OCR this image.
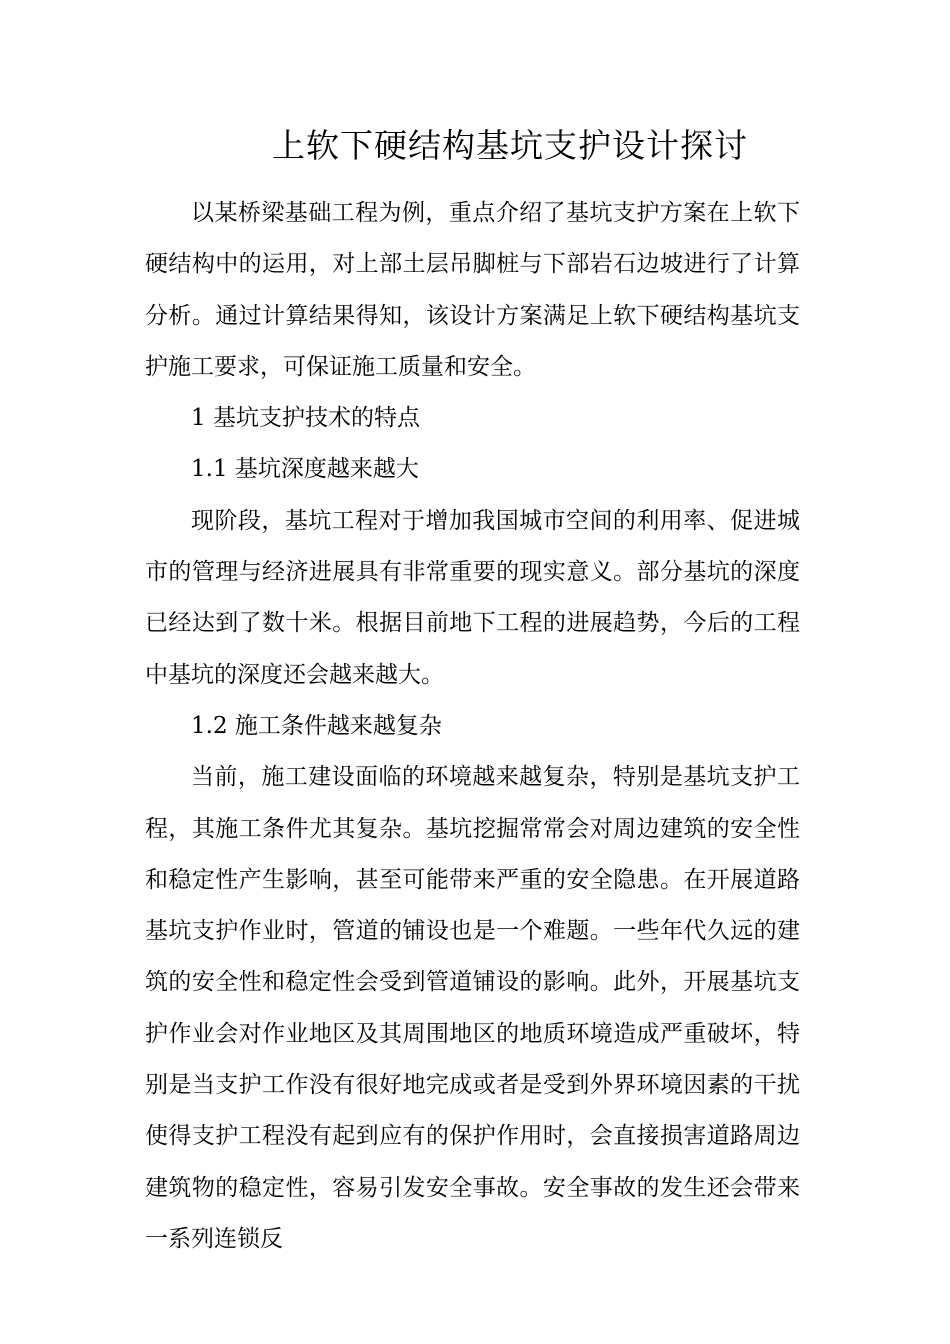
上软下硬结构基坑支护设计探讨

以某桥梁基础工程为例，重点介绍了基坑支护方案在上软下硬结构中的运用，对上部土层吊脚桩与下部岩石边坡进行了计算分析。通过计算结果得知，该设计方案满足上软下硬结构基坑支护施工要求，可保证施工质量和安全。

1 基坑支护技术的特点

1.1 基坑深度越来越大

现阶段，基坑工程对于增加我国城市空间的利用率、促进城市的管理与经济进展具有非常重要的现实意义。部分基坑的深度已经达到了数十米。根据目前地下工程的进展趋势，今后的工程中基坑的深度还会越来越大。

1.2 施工条件越来越复杂

当前，施工建设面临的环境越来越复杂，特别是基坑支护工程，其施工条件尤其复杂。基坑挖掘常常会对周边建筑的安全性和稳定性产生影响，甚至可能带来严重的安全隐患。在开展道路基坑支护作业时，管道的铺设也是一个难题。一些年代久远的建筑的安全性和稳定性会受到管道铺设的影响。此外，开展基坑支护作业会对作业地区及其周围地区的地质环境造成严重破坏，特别是当支护工作没有很好地完成或者是受到外界环境因素的干扰使得支护工程没有起到应有的保护作用时，会直接损害道路周边建筑物的稳定性，容易引发安全事故。安全事故的发生还会带来一系列连锁反
